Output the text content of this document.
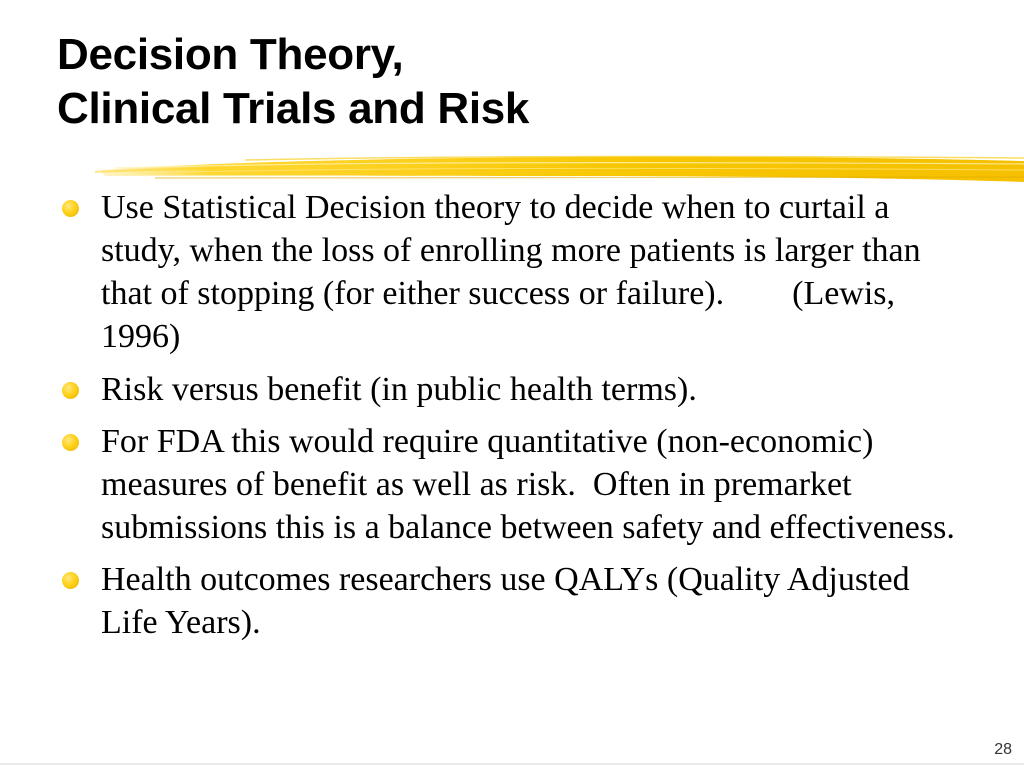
Decision Theory,
Clinical Trials and Risk
Use Statistical Decision theory to decide when to curtail a study, when the loss of enrolling more patients is larger than that of stopping (for either success or failure).        (Lewis, 1996)
Risk versus benefit (in public health terms).
For FDA this would require quantitative (non-economic) measures of benefit as well as risk.  Often in premarket submissions this is a balance between safety and effectiveness.
Health outcomes researchers use QALYs (Quality Adjusted Life Years).
28
